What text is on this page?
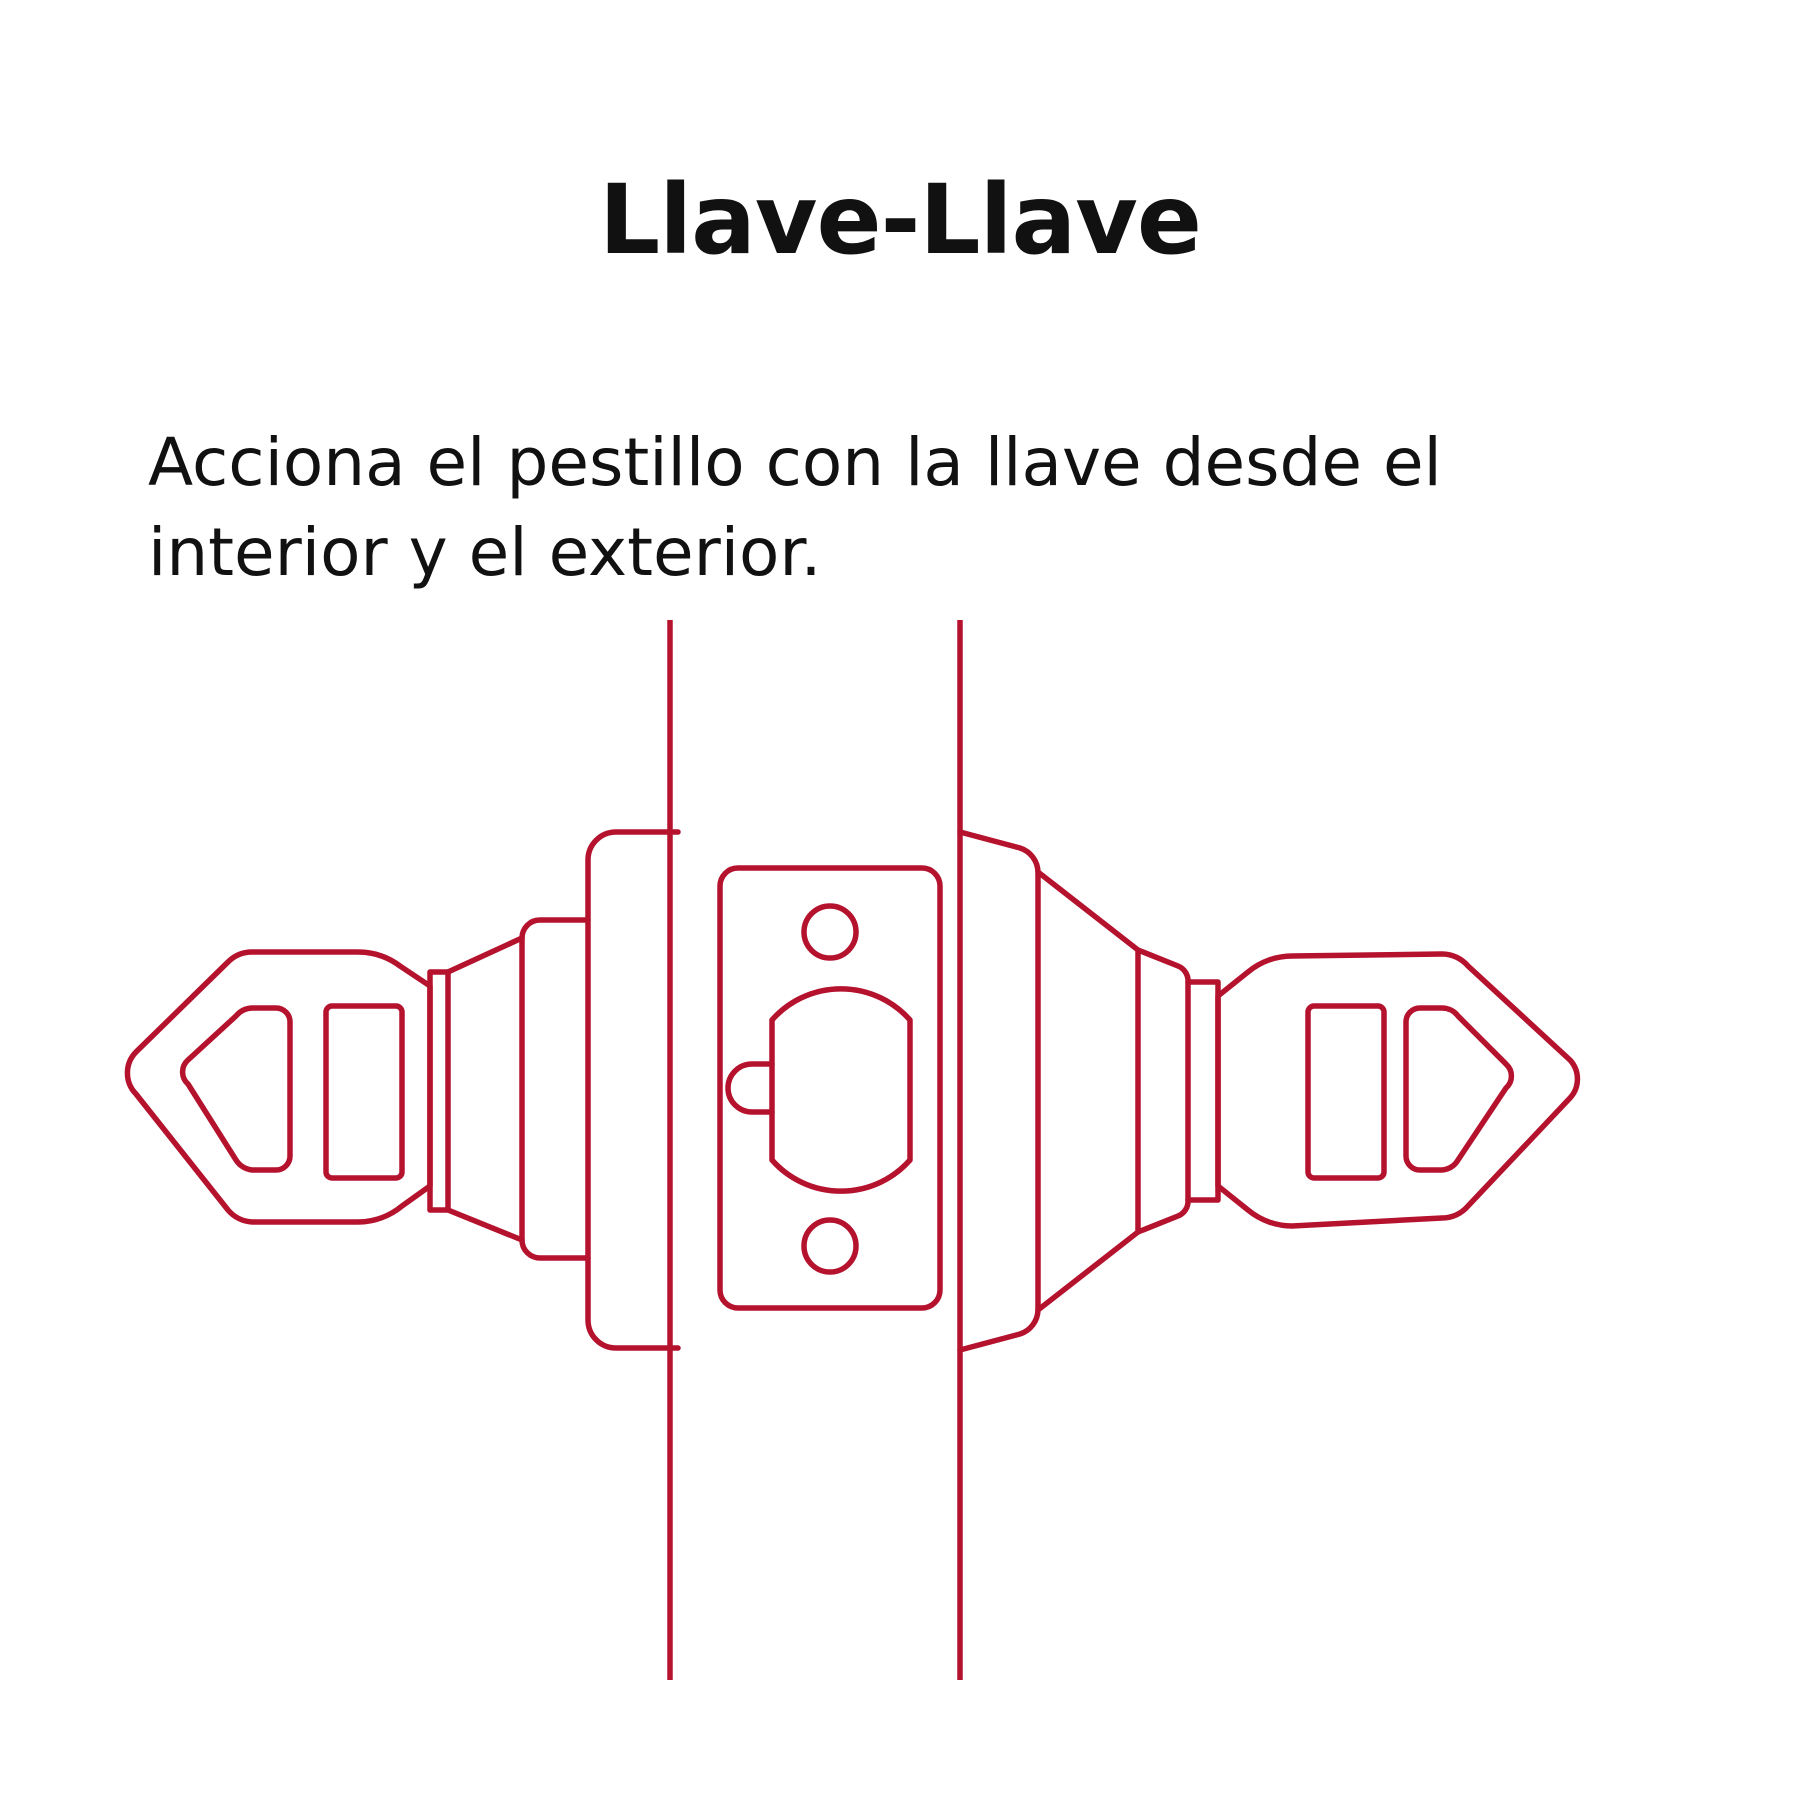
Llave-Llave

Acciona el pestillo con la llave desde el interior y el exterior.
